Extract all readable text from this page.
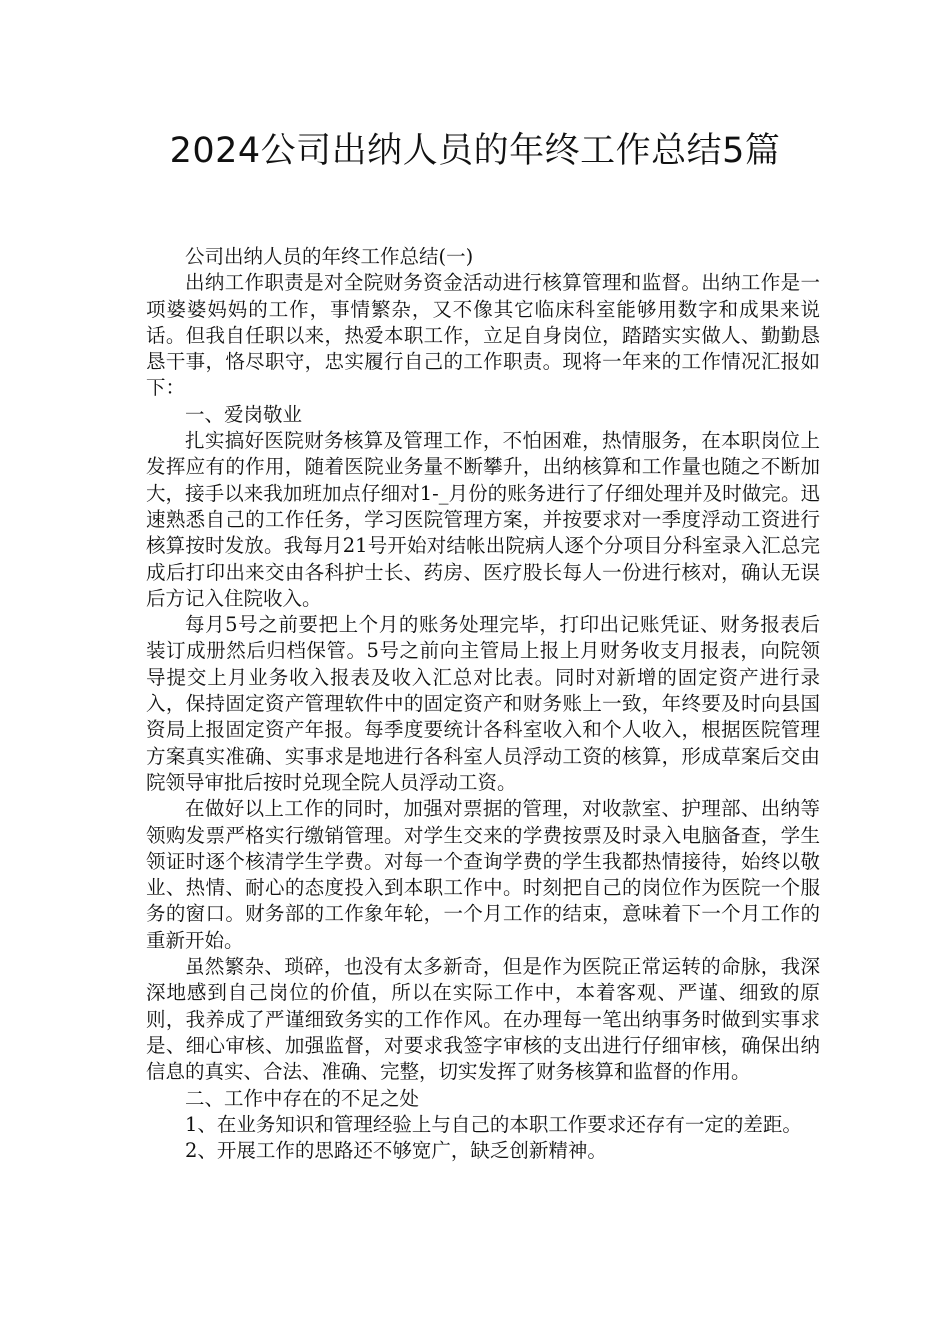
2024公司出纳人员的年终工作总结5篇

公司出纳人员的年终工作总结(一)

出纳工作职责是对全院财务资金活动进行核算管理和监督。出纳工作是一项婆婆妈妈的工作，事情繁杂，又不像其它临床科室能够用数字和成果来说话。但我自任职以来，热爱本职工作，立足自身岗位，踏踏实实做人、勤勤恳恳干事，恪尽职守，忠实履行自己的工作职责。现将一年来的工作情况汇报如下：

一、爱岗敬业

扎实搞好医院财务核算及管理工作，不怕困难，热情服务，在本职岗位上发挥应有的作用，随着医院业务量不断攀升，出纳核算和工作量也随之不断加大，接手以来我加班加点仔细对1-_月份的账务进行了仔细处理并及时做完。迅速熟悉自己的工作任务，学习医院管理方案，并按要求对一季度浮动工资进行核算按时发放。我每月21号开始对结帐出院病人逐个分项目分科室录入汇总完成后打印出来交由各科护士长、药房、医疗股长每人一份进行核对，确认无误后方记入住院收入。

每月5号之前要把上个月的账务处理完毕，打印出记账凭证、财务报表后装订成册然后归档保管。5号之前向主管局上报上月财务收支月报表，向院领导提交上月业务收入报表及收入汇总对比表。同时对新增的固定资产进行录入，保持固定资产管理软件中的固定资产和财务账上一致，年终要及时向县国资局上报固定资产年报。每季度要统计各科室收入和个人收入，根据医院管理方案真实准确、实事求是地进行各科室人员浮动工资的核算，形成草案后交由院领导审批后按时兑现全院人员浮动工资。

在做好以上工作的同时，加强对票据的管理，对收款室、护理部、出纳等领购发票严格实行缴销管理。对学生交来的学费按票及时录入电脑备查，学生领证时逐个核清学生学费。对每一个查询学费的学生我都热情接待，始终以敬业、热情、耐心的态度投入到本职工作中。时刻把自己的岗位作为医院一个服务的窗口。财务部的工作象年轮，一个月工作的结束，意味着下一个月工作的重新开始。

虽然繁杂、琐碎，也没有太多新奇，但是作为医院正常运转的命脉，我深深地感到自己岗位的价值，所以在实际工作中，本着客观、严谨、细致的原则，我养成了严谨细致务实的工作作风。在办理每一笔出纳事务时做到实事求是、细心审核、加强监督，对要求我签字审核的支出进行仔细审核，确保出纳信息的真实、合法、准确、完整，切实发挥了财务核算和监督的作用。

二、工作中存在的不足之处

1、在业务知识和管理经验上与自己的本职工作要求还存有一定的差距。

2、开展工作的思路还不够宽广，缺乏创新精神。
